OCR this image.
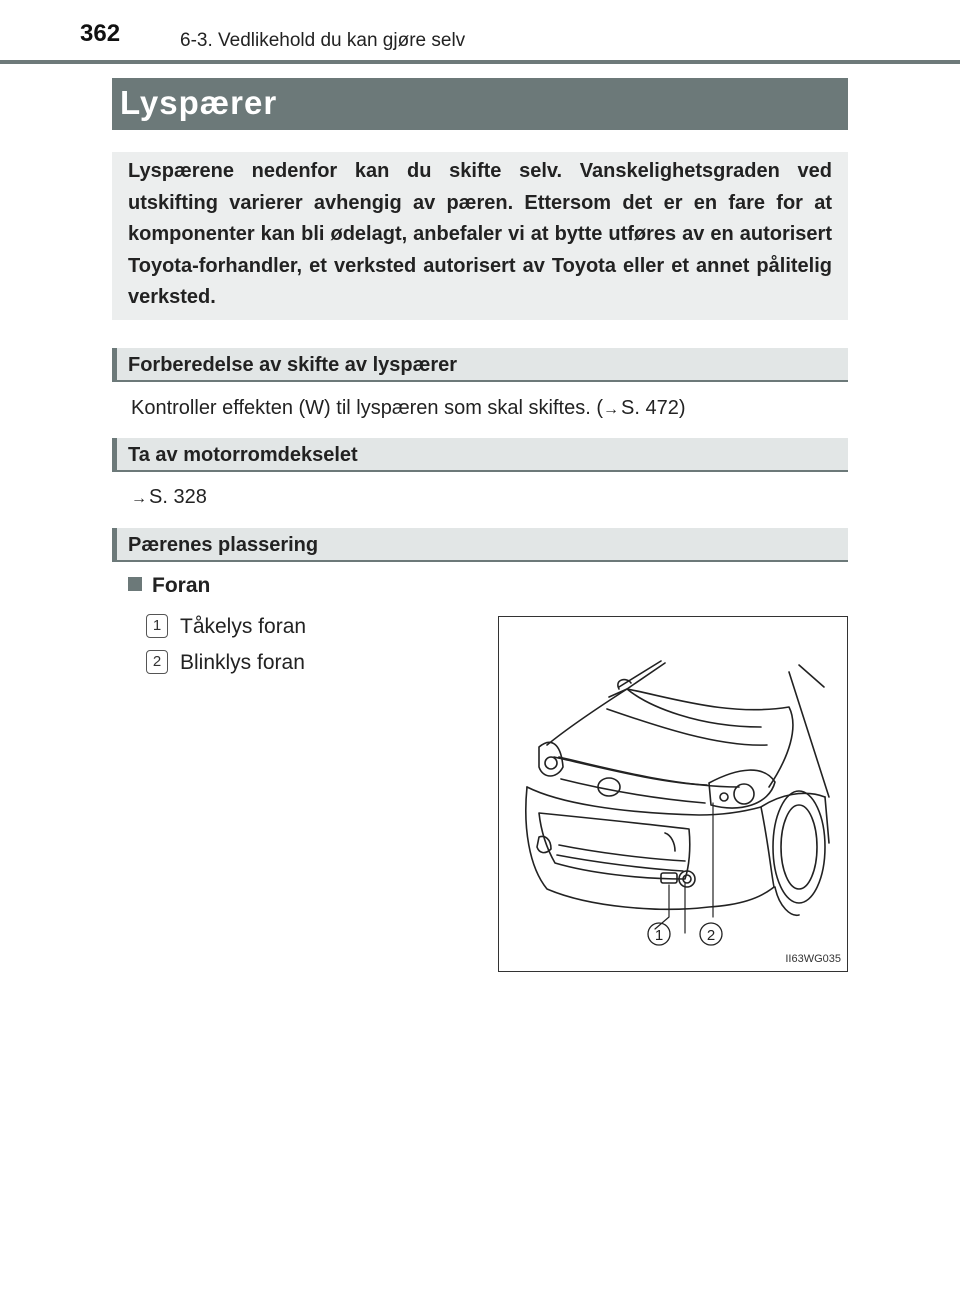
362	6-3. Vedlikehold du kan gjøre selv
Lyspærer

Lyspærene nedenfor kan du skifte selv. Vanskelighetsgraden ved utskifting varierer avhengig av pæren. Ettersom det er en fare for at komponenter kan bli ødelagt, anbefaler vi at bytte utføres av en autorisert Toyota-forhandler, et verksted autorisert av Toyota eller et annet pålitelig verksted.

Forberedelse av skifte av lyspærer
Kontroller effekten (W) til lyspæren som skal skiftes. (→ S. 472)
Ta av motorromdekselet
→ S. 328
Pærenes plassering
Foran
1 Tåkelys foran
2 Blinklys foran
1	2
II63WG035
